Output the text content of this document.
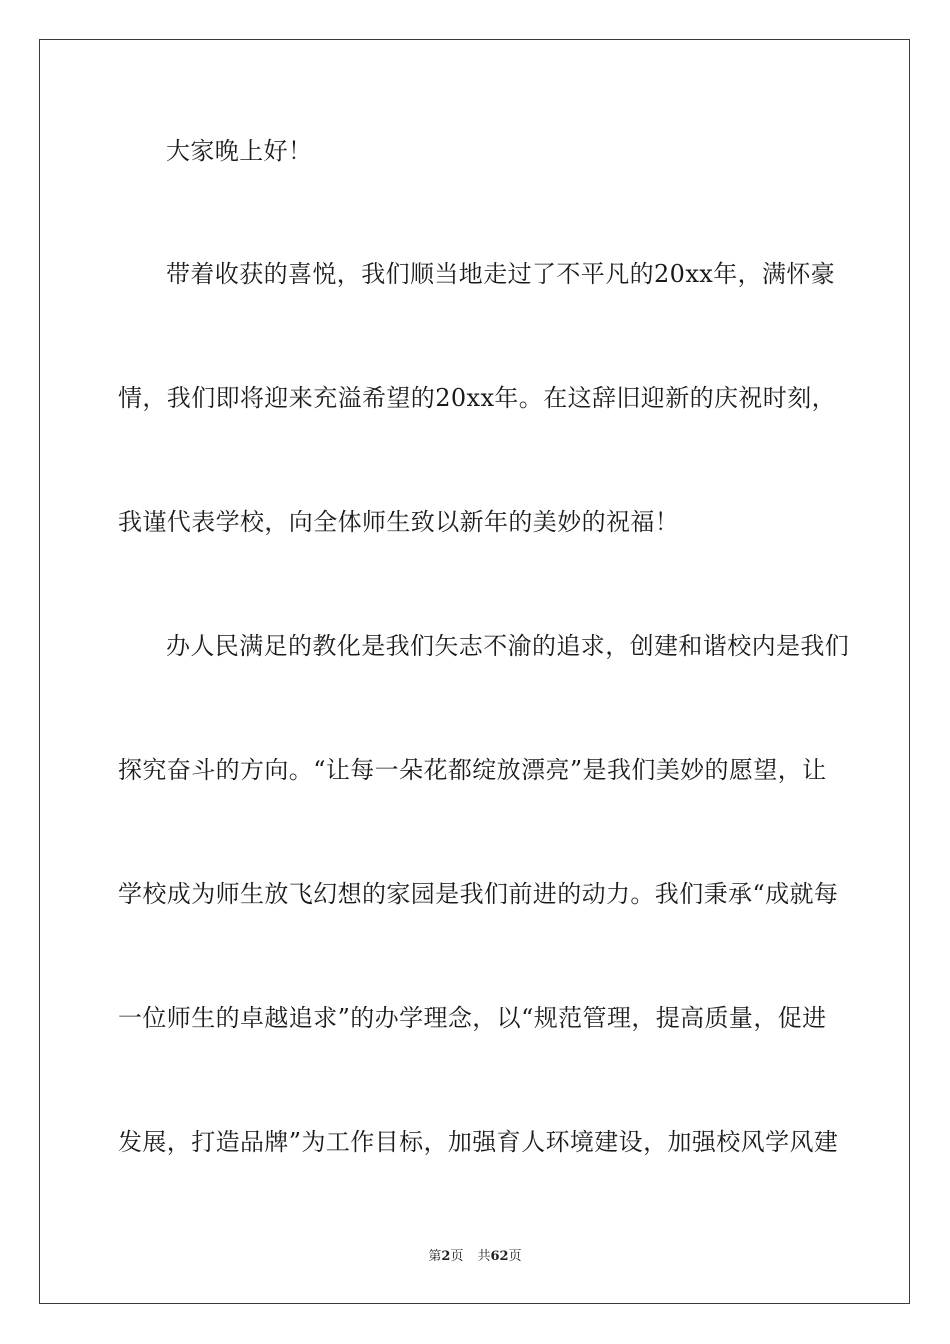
大家晚上好！
带着收获的喜悦，我们顺当地走过了不平凡的20xx年，满怀豪
情，我们即将迎来充溢希望的20xx年。在这辞旧迎新的庆祝时刻，
我谨代表学校，向全体师生致以新年的美妙的祝福！
办人民满足的教化是我们矢志不渝的追求，创建和谐校内是我们
探究奋斗的方向。“让每一朵花都绽放漂亮”是我们美妙的愿望，让
学校成为师生放飞幻想的家园是我们前进的动力。我们秉承“成就每
一位师生的卓越追求”的办学理念，以“规范管理，提高质量，促进
发展，打造品牌”为工作目标，加强育人环境建设，加强校风学风建
第2页 共62页
